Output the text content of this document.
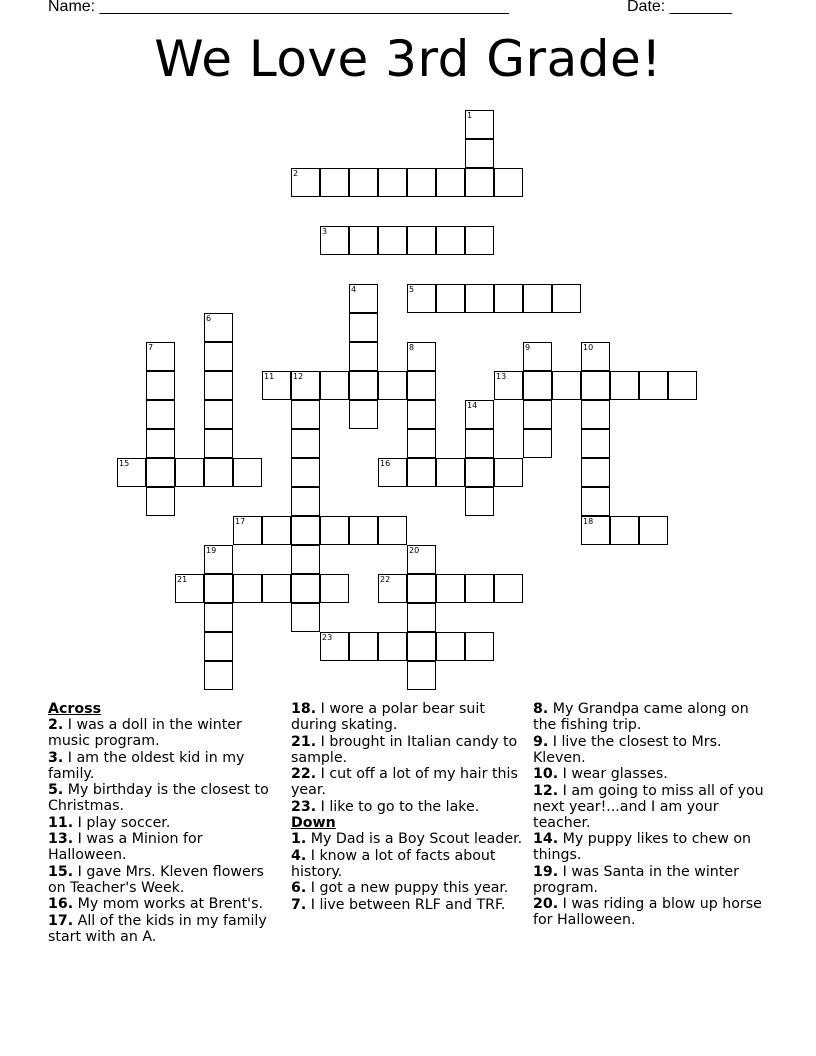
Name: ______________________________________________	Date: _______
We Love 3rd Grade!
1
2
3
4	5
6
7	8	9	10
11 12	13
14
15	16
17	18
19	20
21	22
23
Across
2. I was a doll in the winter music program.
3. I am the oldest kid in my family.
5. My birthday is the closest to Christmas.
11. I play soccer.
13. I was a Minion for Halloween.
15. I gave Mrs. Kleven flowers on Teacher's Week.
16. My mom works at Brent's.
17. All of the kids in my family start with an A.
18. I wore a polar bear suit during skating.
21. I brought in Italian candy to sample.
22. I cut off a lot of my hair this year.
23. I like to go to the lake.
Down
1. My Dad is a Boy Scout leader.
4. I know a lot of facts about history.
6. I got a new puppy this year.
7. I live between RLF and TRF.
8. My Grandpa came along on the fishing trip.
9. I live the closest to Mrs. Kleven.
10. I wear glasses.
12. I am going to miss all of you next year!...and I am your teacher.
14. My puppy likes to chew on things.
19. I was Santa in the winter program.
20. I was riding a blow up horse for Halloween.
